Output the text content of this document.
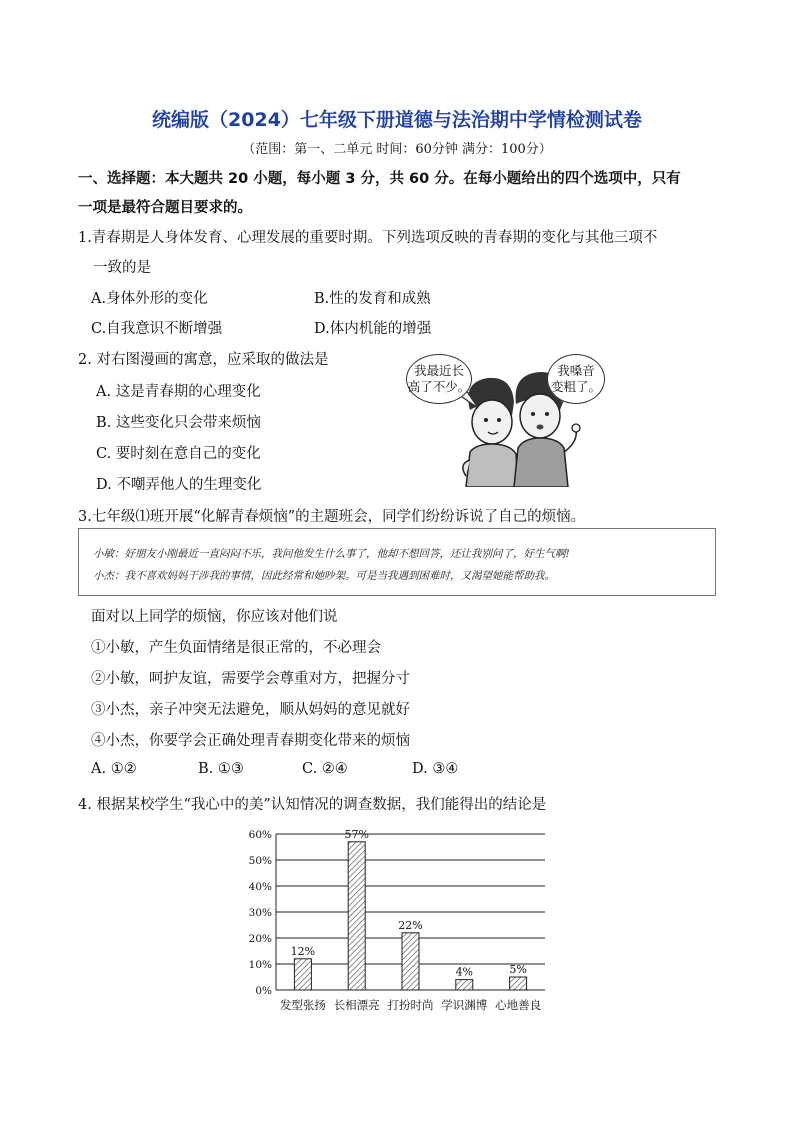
统编版（2024）七年级下册道德与法治期中学情检测试卷
（范围：第一、二单元 时间：60分钟 满分：100分）
一、选择题：本大题共 20 小题，每小题 3 分，共 60 分。在每小题给出的四个选项中，只有
一项是最符合题目要求的。
1.青春期是人身体发育、心理发展的重要时期。下列选项反映的青春期的变化与其他三项不
一致的是
A.身体外形的变化	B.性的发育和成熟
C.自我意识不断增强	D.体内机能的增强
2. 对右图漫画的寓意，应采取的做法是
A. 这是青春期的心理变化
B. 这些变化只会带来烦恼
C. 要时刻在意自己的变化
D. 不嘲弄他人的生理变化
我最近长
高了不少。
我嗓音
变粗了。
3.七年级⑴班开展“化解青春烦恼”的主题班会，同学们纷纷诉说了自己的烦恼。
小敏：好朋友小刚最近一直闷闷不乐，我问他发生什么事了，他却不想回答，还让我别问了，好生气啊!
小杰：我不喜欢妈妈干涉我的事情，因此经常和她吵架。可是当我遇到困难时，又渴望她能帮助我。
面对以上同学的烦恼，你应该对他们说
①小敏，产生负面情绪是很正常的，不必理会
②小敏，呵护友谊，需要学会尊重对方，把握分寸
③小杰，亲子冲突无法避免，顺从妈妈的意见就好
④小杰，你要学会正确处理青春期变化带来的烦恼
A. ①②	B. ①③	C. ②④	D. ③④
4. 根据某校学生“我心中的美”认知情况的调查数据，我们能得出的结论是
0%
10%
20%
30%
40%
50%
60%
12%
发型张扬
57%
长相漂亮
22%
打扮时尚
4%
学识渊博
5%
心地善良
